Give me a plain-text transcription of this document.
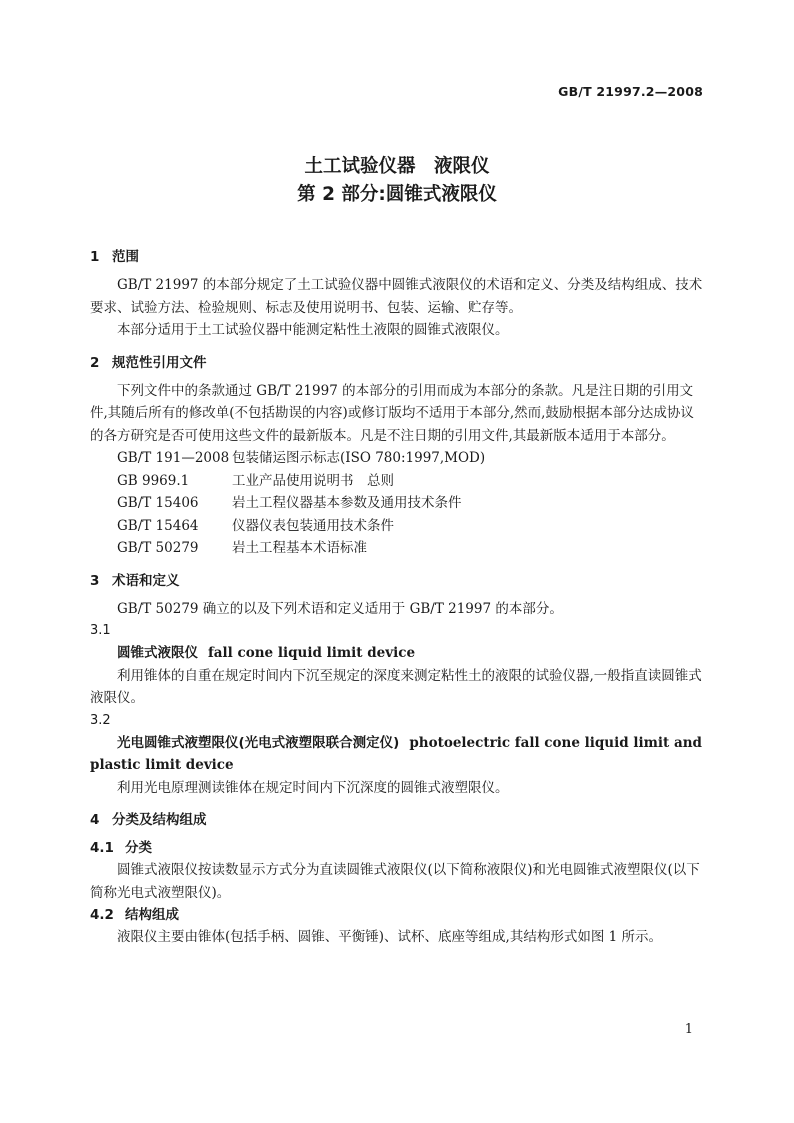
GB/T 21997.2—2008
土工试验仪器　液限仪
第 2 部分:圆锥式液限仪

1 范围

GB/T 21997 的本部分规定了土工试验仪器中圆锥式液限仪的术语和定义、分类及结构组成、技术要求、试验方法、检验规则、标志及使用说明书、包装、运输、贮存等。

本部分适用于土工试验仪器中能测定粘性土液限的圆锥式液限仪。

2 规范性引用文件

下列文件中的条款通过 GB/T 21997 的本部分的引用而成为本部分的条款。凡是注日期的引用文件,其随后所有的修改单(不包括勘误的内容)或修订版均不适用于本部分,然而,鼓励根据本部分达成协议的各方研究是否可使用这些文件的最新版本。凡是不注日期的引用文件,其最新版本适用于本部分。

GB/T 191—2008 包装储运图示标志(ISO 780:1997,MOD)

GB 9969.1	工业产品使用说明书　总则

GB/T 15406 岩土工程仪器基本参数及通用技术条件

GB/T 15464 仪器仪表包装通用技术条件

GB/T 50279 岩土工程基本术语标准

3 术语和定义

GB/T 50279 确立的以及下列术语和定义适用于 GB/T 21997 的本部分。

3.1

圆锥式液限仪 fall cone liquid limit device

利用锥体的自重在规定时间内下沉至规定的深度来测定粘性土的液限的试验仪器,一般指直读圆锥式液限仪。

3.2

光电圆锥式液塑限仪(光电式液塑限联合测定仪) photoelectric fall cone liquid limit and plastic limit device

利用光电原理测读锥体在规定时间内下沉深度的圆锥式液塑限仪。

4 分类及结构组成

4.1 分类

圆锥式液限仪按读数显示方式分为直读圆锥式液限仪(以下简称液限仪)和光电圆锥式液塑限仪(以下简称光电式液塑限仪)。

4.2 结构组成

液限仪主要由锥体(包括手柄、圆锥、平衡锤)、试杯、底座等组成,其结构形式如图 1 所示。

1
